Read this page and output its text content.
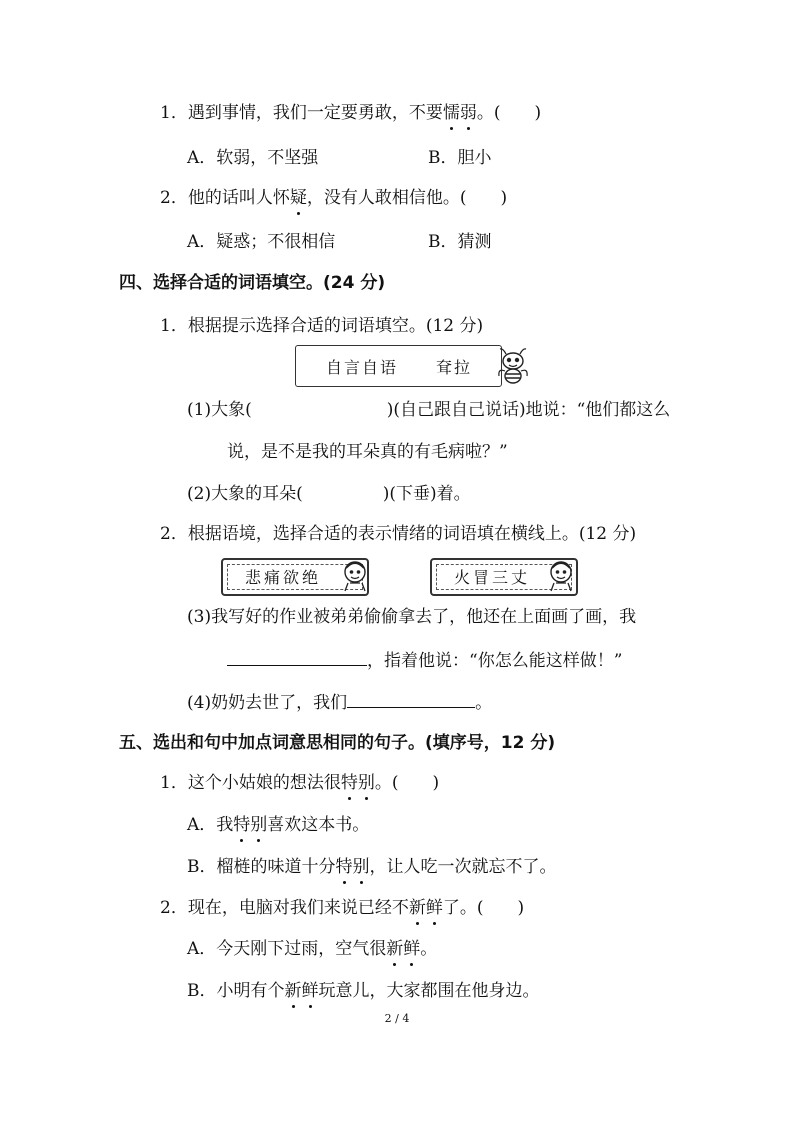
1．遇到事情，我们一定要勇敢，不要懦弱。(　　)
A．软弱，不坚强	B．胆小
2．他的话叫人怀疑，没有人敢相信他。(　　)
A．疑惑；不很相信	B．猜测
四、选择合适的词语填空。(24 分)
1．根据提示选择合适的词语填空。(12 分)
自言自语 耷拉
(1)大象(	)(自己跟自己说话)地说：“他们都这么
说，是不是我的耳朵真的有毛病啦？”
(2)大象的耳朵(	)(下垂)着。
2．根据语境，选择合适的表示情绪的词语填在横线上。(12 分)
悲痛欲绝	火冒三丈
(3)我写好的作业被弟弟偷偷拿去了，他还在上面画了画，我
，指着他说：“你怎么能这样做！”
(4)奶奶去世了，我们	。
五、选出和句中加点词意思相同的句子。(填序号，12 分)
1．这个小姑娘的想法很特别。(　　)
A．我特别喜欢这本书。
B．榴梿的味道十分特别，让人吃一次就忘不了。
2．现在，电脑对我们来说已经不新鲜了。(　　)
A．今天刚下过雨，空气很新鲜。
B．小明有个新鲜玩意儿，大家都围在他身边。
2 / 4
